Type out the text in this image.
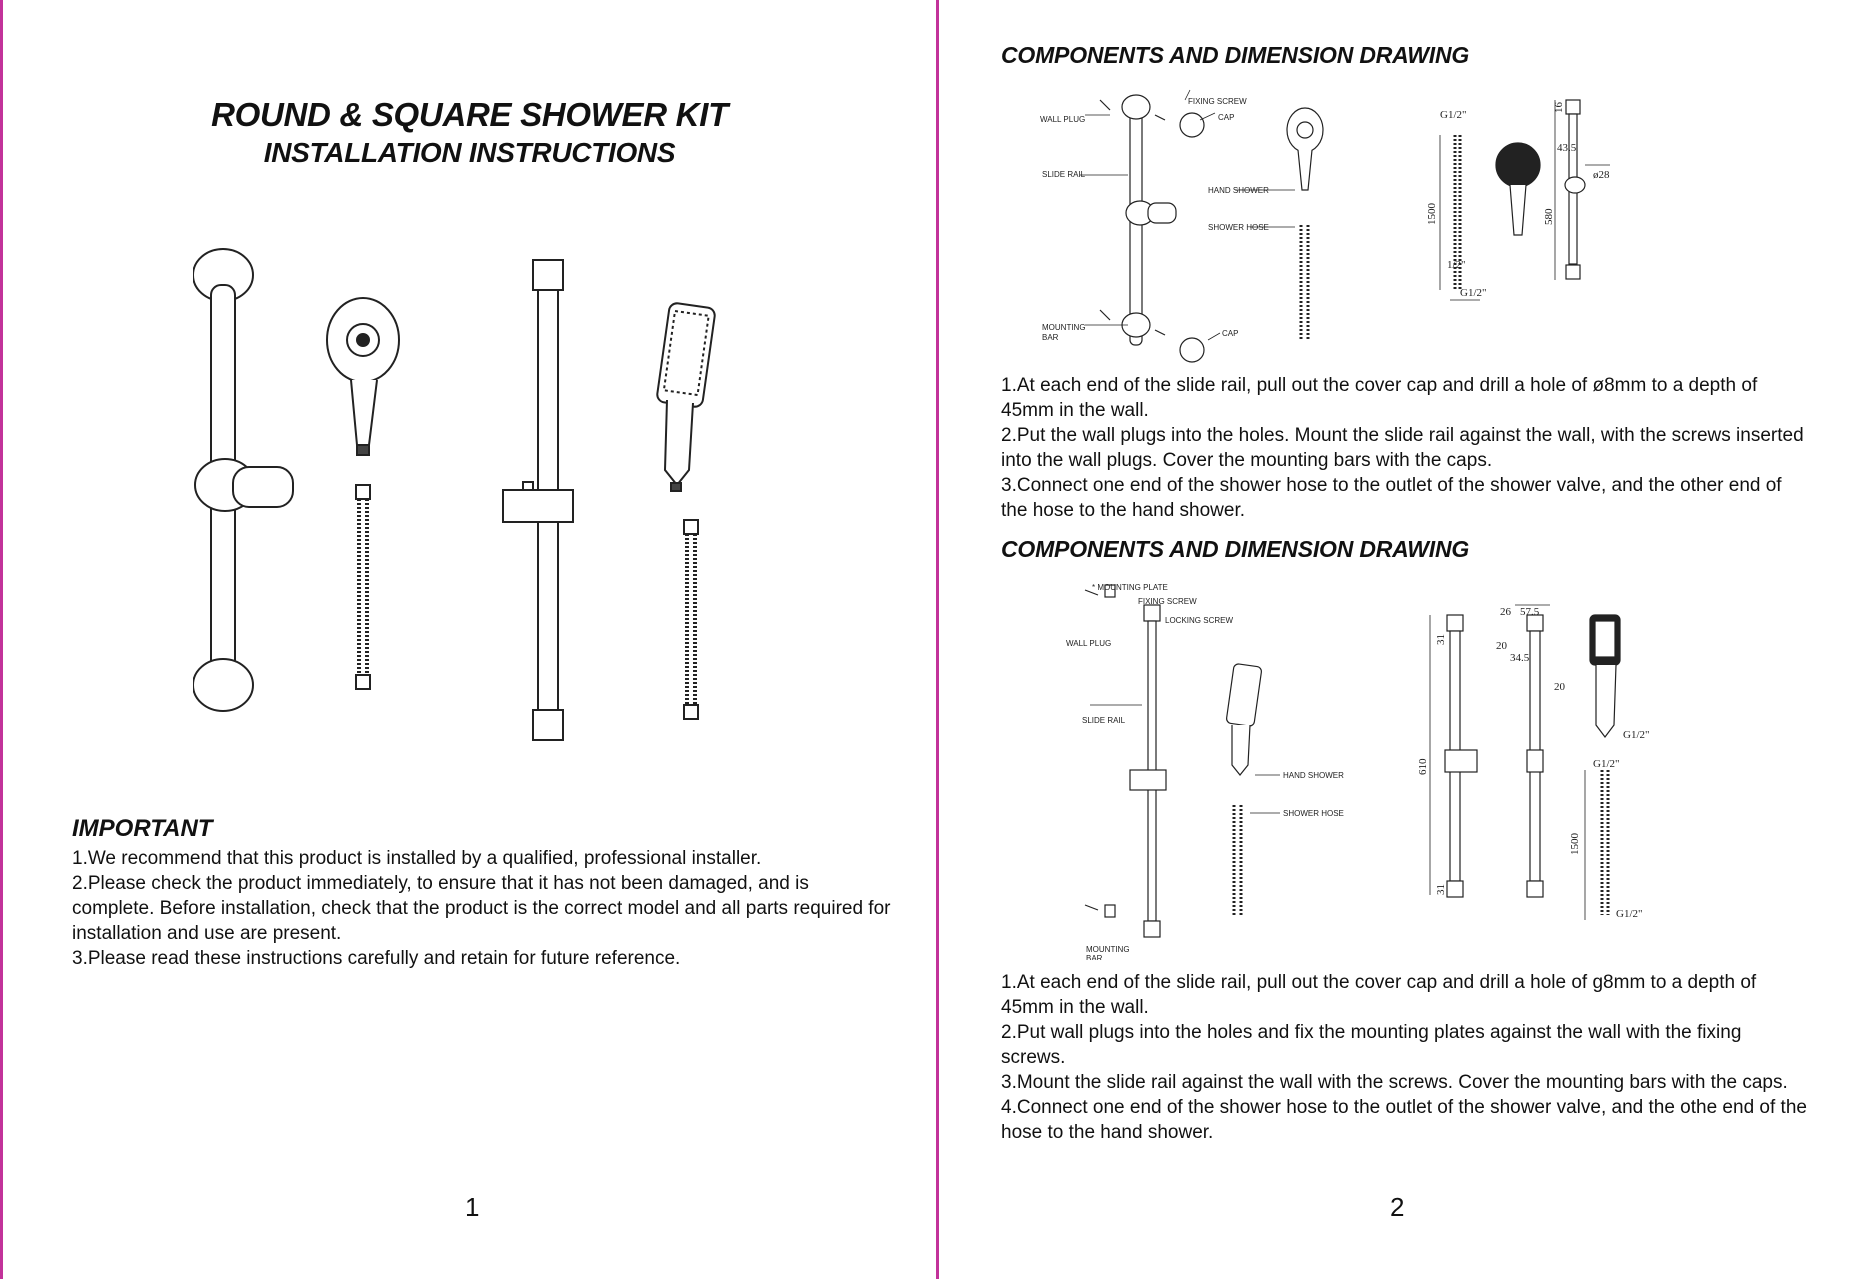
ROUND & SQUARE SHOWER KIT
INSTALLATION INSTRUCTIONS
IMPORTANT
1.We recommend that this product is installed by a qualified, professional installer.
2.Please check the product immediately, to ensure that it has not been damaged, and is complete. Before installation, check that the product is the correct model and all parts required for installation and use are present.
3.Please read these instructions carefully and retain for future reference.
1
COMPONENTS AND DIMENSION DRAWING
WALL PLUG
FIXING SCREW
CAP
SLIDE RAIL
HAND SHOWER
SHOWER HOSE
MOUNTING
BAR	CAP
G1/2"
1500
1/2"
G1/2"
16
43.5
ø28
580
1.At each end of the slide rail, pull out the cover cap and drill a hole of ø8mm to a depth of 45mm in the wall.
2.Put the wall plugs into the holes. Mount the slide rail against the wall, with the screws inserted into the wall plugs. Cover the mounting bars with the caps.
3.Connect one end of the shower hose to the outlet of the shower valve, and the other end of the hose to the hand shower.
COMPONENTS AND DIMENSION DRAWING
* MOUNTING PLATE
FIXING SCREW
LOCKING SCREW
WALL PLUG
SLIDE RAIL
HAND SHOWER
SHOWER HOSE
MOUNTING
BAR
26 57.5
31
20
34.5
20
610
31
G1/2"
G1/2"
1500
G1/2"
1.At each end of the slide rail, pull out the cover cap and drill a hole of g8mm to a depth of 45mm in the wall.
2.Put wall plugs into the holes and fix the mounting plates against the wall with the fixing screws.
3.Mount the slide rail against the wall with the screws. Cover the mounting bars with the caps.
4.Connect one end of the shower hose to the outlet of the shower valve, and the othe end of the hose to the hand shower.
2
